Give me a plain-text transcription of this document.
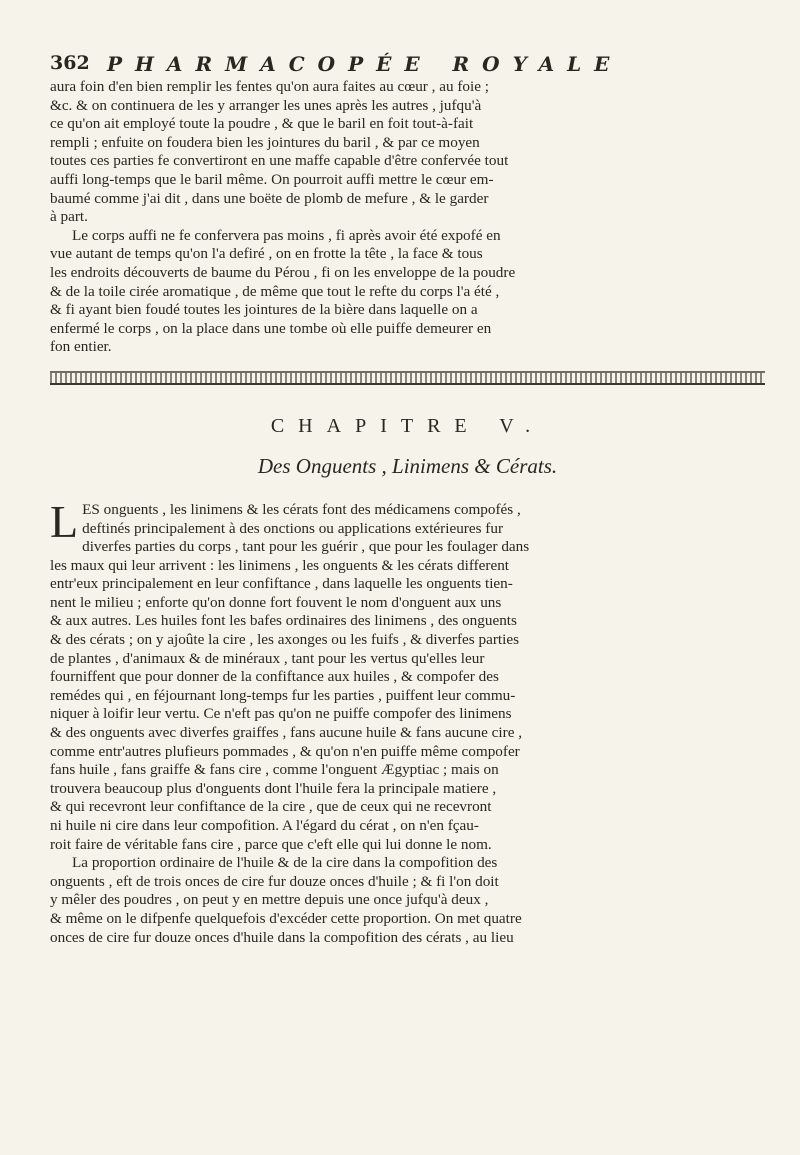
362 PHARMACOPÉE ROYALE

aura foin d'en bien remplir les fentes qu'on aura faites au cœur , au foie ;
&c. & on continuera de les y arranger les unes après les autres , jufqu'à
ce qu'on ait employé toute la poudre , & que le baril en foit tout-à-fait
rempli ; enfuite on foudera bien les jointures du baril , & par ce moyen
toutes ces parties fe convertiront en une maffe capable d'être confervée tout
auffi long-temps que le baril même. On pourroit auffi mettre le cœur em-
baumé comme j'ai dit , dans une boëte de plomb de mefure , & le garder
à part.

Le corps auffi ne fe confervera pas moins , fi après avoir été expofé en
vue autant de temps qu'on l'a defiré , on en frotte la tête , la face & tous
les endroits découverts de baume du Pérou , fi on les enveloppe de la poudre
& de la toile cirée aromatique , de même que tout le refte du corps l'a été ,
& fi ayant bien foudé toutes les jointures de la bière dans laquelle on a
enfermé le corps , on la place dans une tombe où elle puiffe demeurer en
fon entier.

CHAPITRE V.
Des Onguents , Linimens & Cérats.

L ES onguents , les linimens & les cérats font des médicamens compofés ,
deftinés principalement à des onctions ou applications extérieures fur
diverfes parties du corps , tant pour les guérir , que pour les foulager dans
les maux qui leur arrivent : les linimens , les onguents & les cérats different
entr'eux principalement en leur confiftance , dans laquelle les onguents tien-
nent le milieu ; enforte qu'on donne fort fouvent le nom d'onguent aux uns
& aux autres. Les huiles font les bafes ordinaires des linimens , des onguents
& des cérats ; on y ajoûte la cire , les axonges ou les fuifs , & diverfes parties
de plantes , d'animaux & de minéraux , tant pour les vertus qu'elles leur
fourniffent que pour donner de la confiftance aux huiles , & compofer des
remédes qui , en féjournant long-temps fur les parties , puiffent leur commu-
niquer à loifir leur vertu. Ce n'eft pas qu'on ne puiffe compofer des linimens
& des onguents avec diverfes graiffes , fans aucune huile & fans aucune cire ,
comme entr'autres plufieurs pommades , & qu'on n'en puiffe même compofer
fans huile , fans graiffe & fans cire , comme l'onguent Ægyptiac ; mais on
trouvera beaucoup plus d'onguents dont l'huile fera la principale matiere ,
& qui recevront leur confiftance de la cire , que de ceux qui ne recevront
ni huile ni cire dans leur compofition. A l'égard du cérat , on n'en fçau-
roit faire de véritable fans cire , parce que c'eft elle qui lui donne le nom.

La proportion ordinaire de l'huile & de la cire dans la compofition des
onguents , eft de trois onces de cire fur douze onces d'huile ; & fi l'on doit
y mêler des poudres , on peut y en mettre depuis une once jufqu'à deux ,
& même on le difpenfe quelquefois d'excéder cette proportion. On met quatre
onces de cire fur douze onces d'huile dans la compofition des cérats , au lieu
